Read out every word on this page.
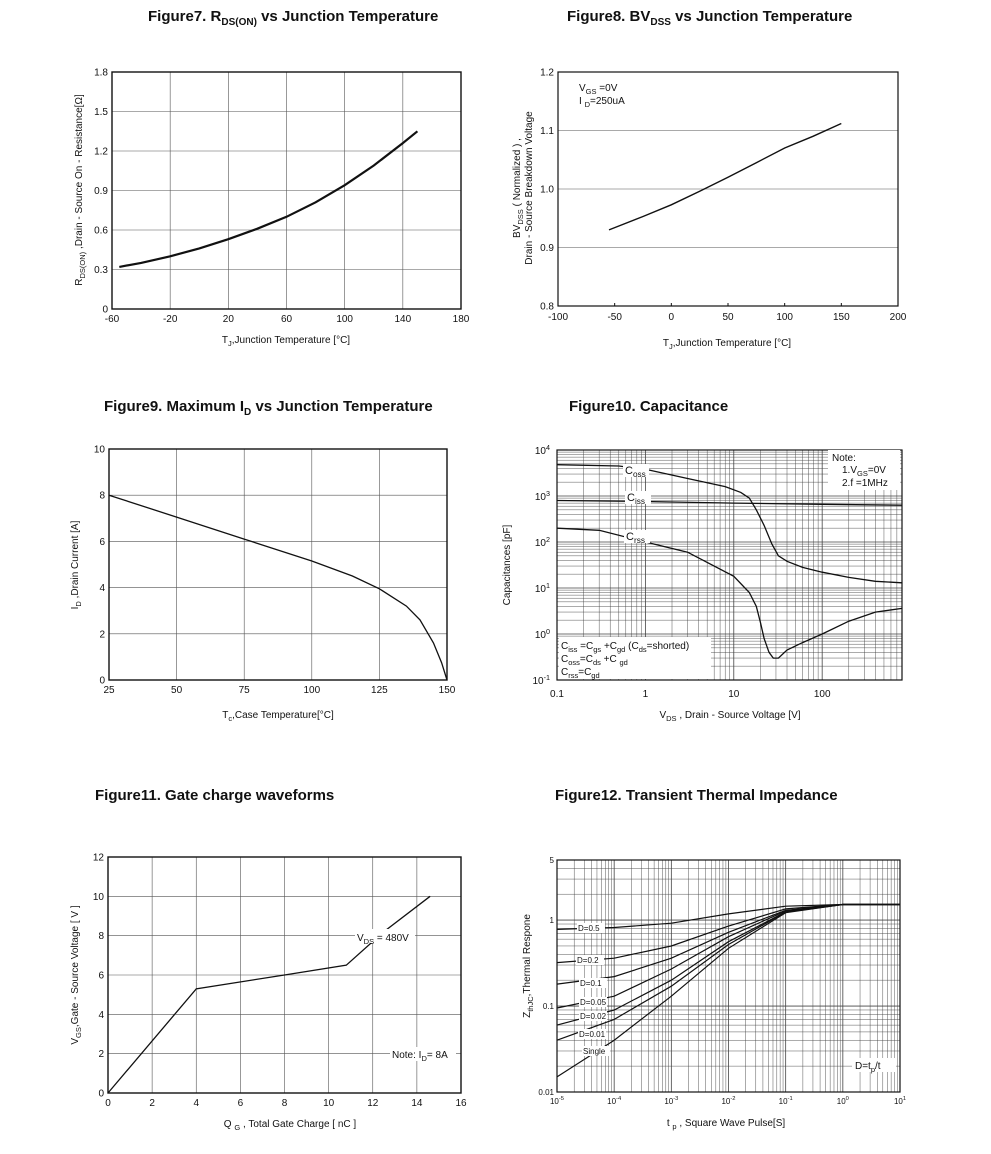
Figure7. $R_{DS(ON)}$ vs Junction Temperature	Figure8. $BV_{DSS}$ vs Junction Temperature
Figure9. Maximum $I_D$ vs Junction Temperature	Figure10. Capacitance
Figure11. Gate charge waveforms	Figure12. Transient Thermal Impedance
-60	-20	20	60	100	140	180
0
0.3
0.6
0.9
1.2
1.5
1.8
$T_J,Junction$ Temperature [°C]
$R_{DS(ON)}$ ,Drain - Source On - Resistance[Ω]
0.8
0.9
1.0
1.1
1.2
-100	-50	0	50	100	150	200
$V_{GS} =0V$
I $_D$=250uA
$T_J,Junction$ Temperature [°C]
$BV_{DSS}$ ( Normalized ) , Drain - Source Breakdown Voltage
25	50	75	100	125	150
0
2
4
6
8
10
$T_c,Case$ Temperature[°C]
$I_D$ ,Drain Current [A]
0.1	1	10	100
$10^4$
$10^3$
$10^2$
$10^1$
$10^0$
$10^{-1}$
$C_{oss}$
$C_{iss}$
$C_{rss}$
Note:
$1.V_{GS}=0V$
2.f =1MHz
$C_{iss} =C_{gs} +C_{gd}$ $(C_{ds}=shorted)$
$C_{oss}=C_{ds} +C$ $_{gd}$
$C_{rss}=C_{gd}$
$V_{DS}$ , Drain - Source Voltage [V]
Capacitances [pF]
0	2	4	6	8	10	12	14	16
0
2
4
6
8
10
12
$V_{DS} = 480V$
Note: $I_D= 8A$
Q $_G$ , Total Gate Charge [ nC ]
$V_{GS},Gate$ - Source Voltage [ V ]
$10^{-5}$	$10^{-4}$	$10^{-3}$	$10^{-2}$	$10^{-1}$	$10^0$	$10^1$
5
1
0.1
0.01
D=0.5
D=0.2
D=0.1
D=0.05
D=0.02
D=0.01
Single
$D=t_p/t$
t $_p$ , Square Wave Pulse[S]
$Z_{thJC},Thermal$ Respone
